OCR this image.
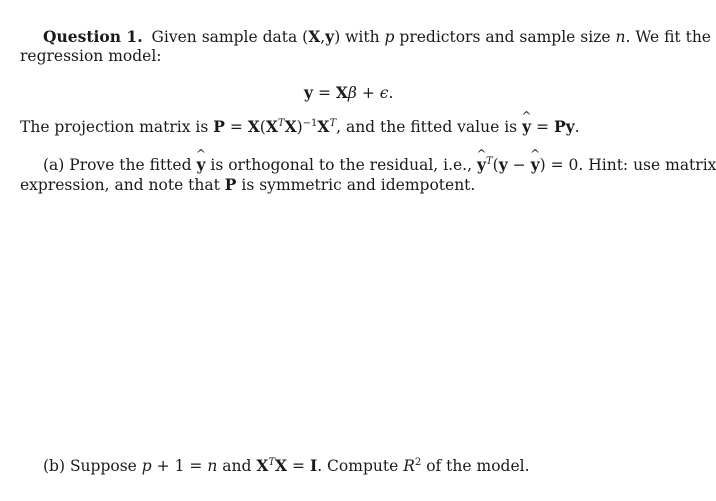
Question 1. Given sample data (X,y) with p predictors and sample size n. We fit the
regression model:
y = Xβ + ϵ.
The projection matrix is $P = X(X^TX)^{-1}X^T$, and the fitted value is ^ y = Py.
(a) Prove the fitted ^ y is orthogonal to the residual, i.e., ^ $y^T(y$ − ^ y) = 0. Hint: use matrix
expression, and note that P is symmetric and idempotent.
(b) Suppose p + 1 = n and $X^TX = I$. Compute $R^2$ of the model.
